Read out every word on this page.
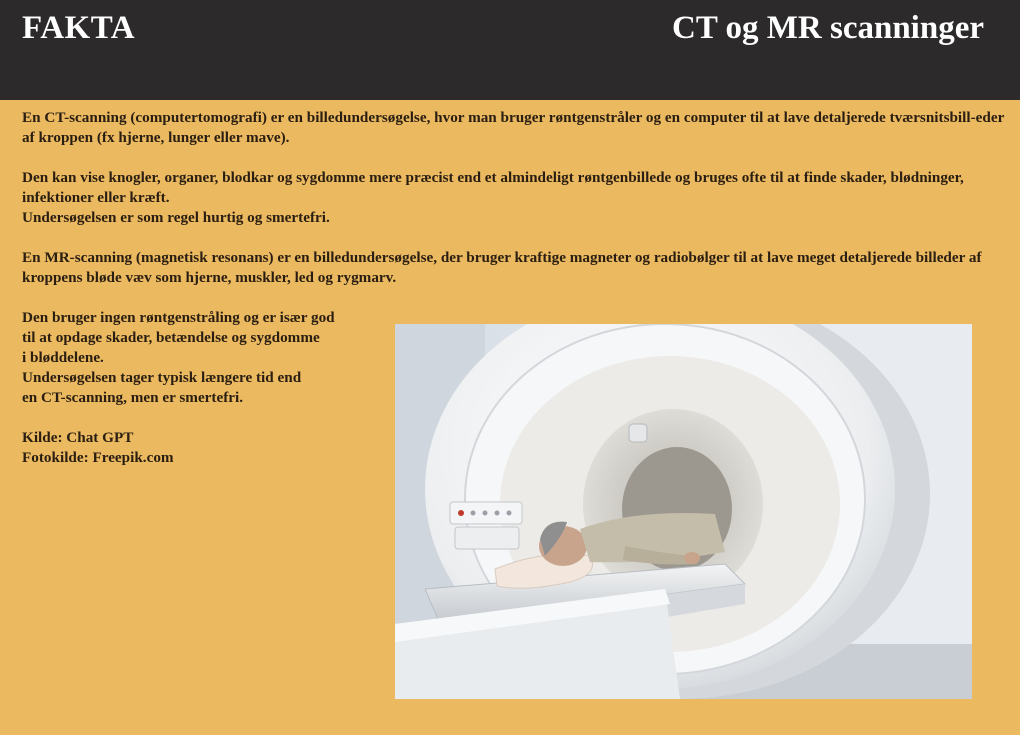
FAKTA	CT og MR scanninger

En CT-scanning (computertomografi) er en billedundersøgelse, hvor man bruger røntgenstråler og en computer til at lave detaljerede tværsnitsbill-eder af kroppen (fx hjerne, lunger eller mave).

Den kan vise knogler, organer, blodkar og sygdomme mere præcist end et almindeligt røntgenbillede og bruges ofte til at finde skader, blødninger, infektioner eller kræft.

Undersøgelsen er som regel hurtig og smertefri.

En MR-scanning (magnetisk resonans) er en billedundersøgelse, der bruger kraftige magneter og radiobølger til at lave meget detaljerede billeder af kroppens bløde væv som hjerne, muskler, led og rygmarv.

Den bruger ingen røntgenstråling og er især god
til at opdage skader, betændelse og sygdomme
i bløddelene.
Undersøgelsen tager typisk længere tid end
en CT-scanning, men er smertefri.

Kilde: Chat GPT

Fotokilde: Freepik.com
